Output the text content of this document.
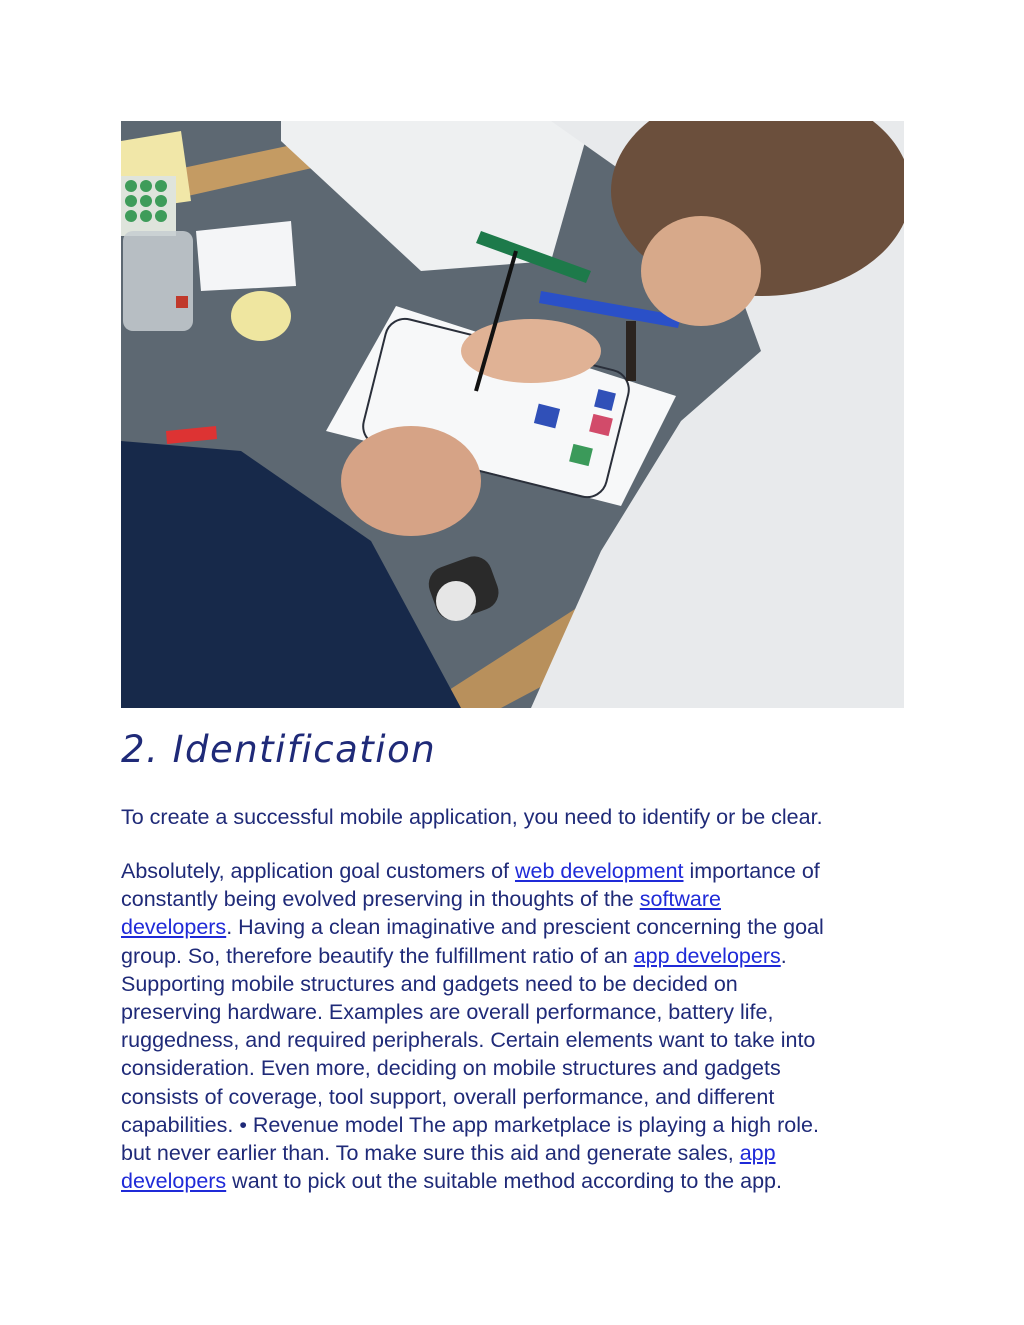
2. Identification

To create a successful mobile application, you need to identify or be clear.

Absolutely, application goal customers of web development importance of
constantly being evolved preserving in thoughts of the software
developers. Having a clean imaginative and prescient concerning the goal
group. So, therefore beautify the fulfillment ratio of an app developers.
Supporting mobile structures and gadgets need to be decided on
preserving hardware. Examples are overall performance, battery life,
ruggedness, and required peripherals. Certain elements want to take into
consideration. Even more, deciding on mobile structures and gadgets
consists of coverage, tool support, overall performance, and different
capabilities. • Revenue model The app marketplace is playing a high role.
but never earlier than. To make sure this aid and generate sales, app
developers want to pick out the suitable method according to the app.
